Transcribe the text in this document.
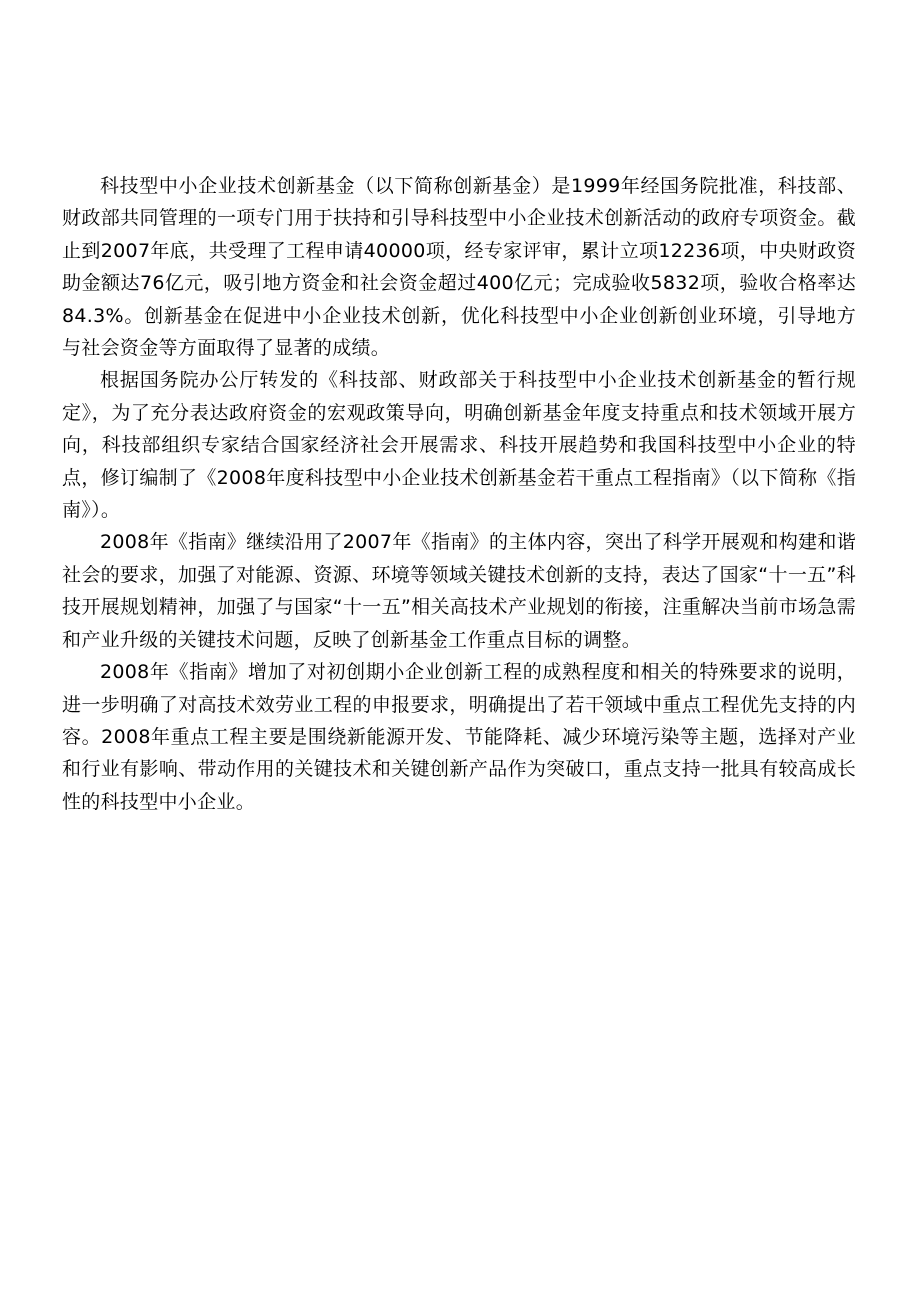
科技型中小企业技术创新基金（以下简称创新基金）是1999年经国务院批准，科技部、财政部共同管理的一项专门用于扶持和引导科技型中小企业技术创新活动的政府专项资金。截止到2007年底，共受理了工程申请40000项，经专家评审，累计立项12236项，中央财政资助金额达76亿元，吸引地方资金和社会资金超过400亿元；完成验收5832项，验收合格率达84.3%。创新基金在促进中小企业技术创新，优化科技型中小企业创新创业环境，引导地方与社会资金等方面取得了显著的成绩。

根据国务院办公厅转发的《科技部、财政部关于科技型中小企业技术创新基金的暂行规定》，为了充分表达政府资金的宏观政策导向，明确创新基金年度支持重点和技术领域开展方向，科技部组织专家结合国家经济社会开展需求、科技开展趋势和我国科技型中小企业的特点，修订编制了《2008年度科技型中小企业技术创新基金若干重点工程指南》（以下简称《指南》）。

2008年《指南》继续沿用了2007年《指南》的主体内容，突出了科学开展观和构建和谐社会的要求，加强了对能源、资源、环境等领域关键技术创新的支持，表达了国家“十一五”科技开展规划精神，加强了与国家“十一五”相关高技术产业规划的衔接，注重解决当前市场急需和产业升级的关键技术问题，反映了创新基金工作重点目标的调整。

2008年《指南》增加了对初创期小企业创新工程的成熟程度和相关的特殊要求的说明，进一步明确了对高技术效劳业工程的申报要求，明确提出了若干领域中重点工程优先支持的内容。2008年重点工程主要是围绕新能源开发、节能降耗、减少环境污染等主题，选择对产业和行业有影响、带动作用的关键技术和关键创新产品作为突破口，重点支持一批具有较高成长性的科技型中小企业。
